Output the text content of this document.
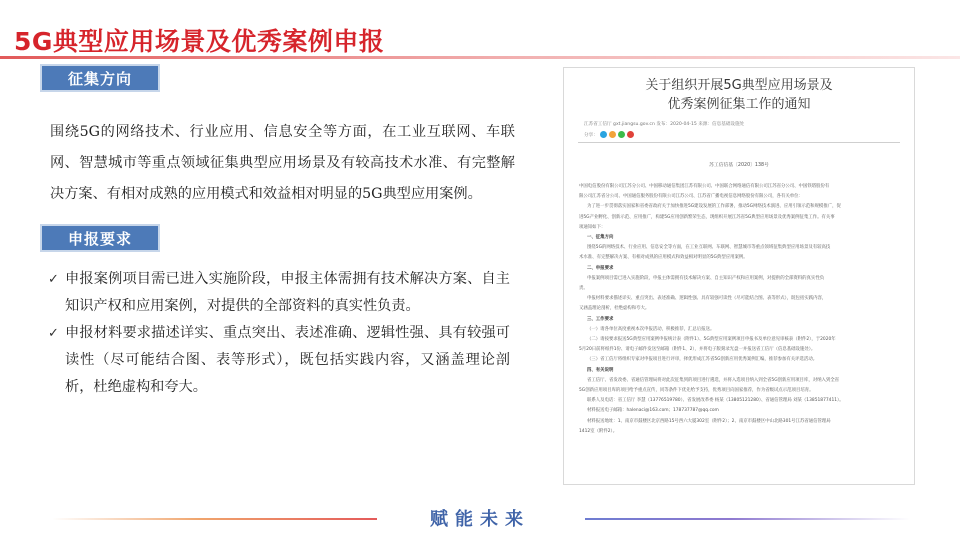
5G典型应用场景及优秀案例申报
征集方向

围绕5G的网络技术、行业应用、信息安全等方面，在工业互联网、车联网、智慧城市等重点领域征集典型应用场景及有较高技术水准、有完整解决方案、有相对成熟的应用模式和效益相对明显的5G典型应用案例。

申报要求
✓ 申报案例项目需已进入实施阶段，申报主体需拥有技术解决方案、自主知识产权和应用案例，对提供的全部资料的真实性负责。
✓ 申报材料要求描述详实、重点突出、表述准确、逻辑性强、具有较强可读性（尽可能结合图、表等形式），既包括实践内容，又涵盖理论剖析，杜绝虚构和夸大。
关于组织开展5G典型应用场景及
优秀案例征集工作的通知
江苏省工信厅 gxt.jiangsu.gov.cn 发布：2020-04-15 来源：信息基础设施处
分享：
苏工信信基〔2020〕138号
中国电信股份有限公司江苏分公司、中国移动通信集团江苏有限公司、中国联合网络通信有限公司江苏省分公司、中国铁塔股份有
限公司江苏省分公司、中国通信服务股份有限公司江苏公司、江苏省广播电视信息网络股份有限公司，各有关单位：
为了进一步贯彻落实国家和省委省政府关于加快推进5G建设发展的工作部署，推动5G网络技术演进、应用引领示范和规模推广，促
进5G产业孵化、创新示范、应用推广，构建5G应用创新繁荣生态，现组织开展江苏省5G典型应用场景及优秀案例征集工作。有关事
项通知如下：
一、征集方向
围绕5G的网络技术、行业应用、信息安全等方面，在工业互联网、车联网、智慧城市等重点领域征集典型应用场景及有较高技
术水准、有完整解决方案、有相对成熟的应用模式和效益相对明显的5G典型应用案例。
二、申报要求
申报案例项目需已进入实施阶段，申报主体需拥有技术解决方案、自主知识产权和应用案例，对提供的全部资料的真实性负
责。
申报材料要求描述详实、重点突出、表述准确、逻辑性强、具有较强可读性（尽可能结合图、表等形式），既包括实践内容，
又涵盖理论剖析，杜绝虚构和夸大。
三、工作要求
（一）请各单位高度重视本次申报活动，积极推荐，汇总后报送。
（二）请按要求报送5G典型应用案例申报统计表（附件1）、5G典型应用案例项目申报书及单位意见审核表（附件2），于2020年
5月20日前将纸件1份、请电子邮件发送至邮箱（附件1、2），并将电子版刻录光盘一并报送省工信厅（信息基础设施处）。
（三）省工信厅将组织专家对申报项目进行评审，择优形成江苏省5G创新应用优秀案例汇编，推荐参加有关评选活动。
四、有关说明
省工信厅、省发改委、省通信管理局将对此次征集到的项目进行遴选，并将入选项目纳入到全省5G创新应用项目库，对纳入到全省
5G创新应用项目库的项目给予重点宣传，同等条件下优先给予支持，优秀项目向国家推荐，作为省级试点示范项目培育。
联系人及电话：省工信厅 李慧（13776519780）、省发展改革委 杨某（13805121280）、省通信管理局 刘某（13851877411）。
材料报送电子邮箱：halenaci@163.com；178737787@qq.com
材料报送地址：1、南京市鼓楼区北京西路15号西六大厦302室（附件2）；2、南京市鼓楼区中山北路301号江苏省通信管理局
1412室（附件2）。
赋能未来
